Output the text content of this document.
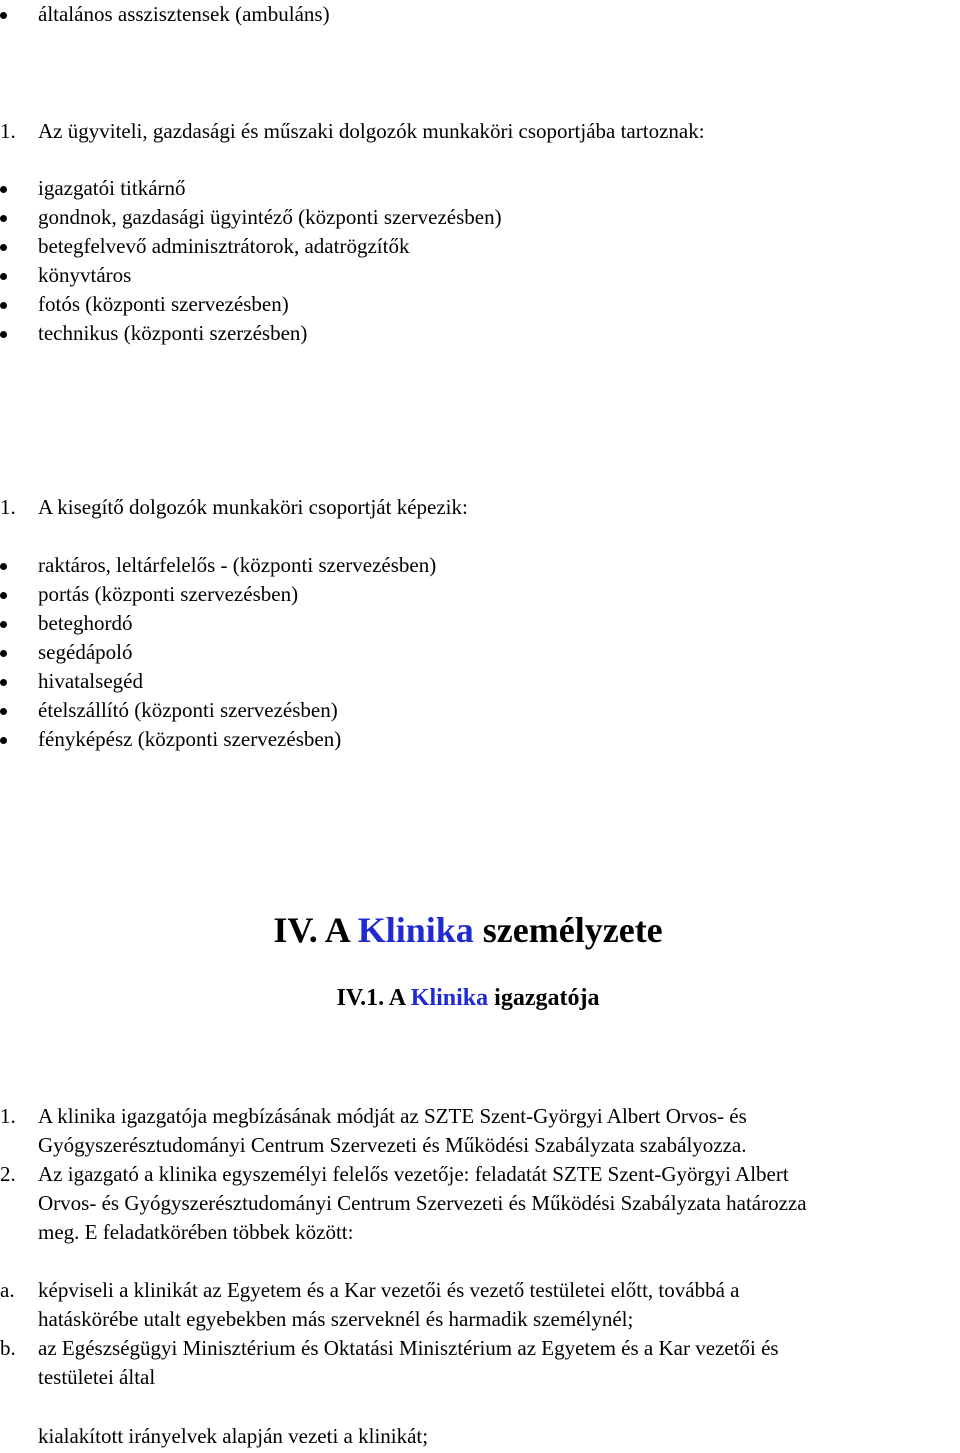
általános asszisztensek (ambuláns)
1. Az ügyviteli, gazdasági és műszaki dolgozók munkaköri csoportjába tartoznak:
igazgatói titkárnő
gondnok, gazdasági ügyintéző (központi szervezésben)
betegfelvevő adminisztrátorok, adatrögzítők
könyvtáros
fotós (központi szervezésben)
technikus (központi szerzésben)
1. A kisegítő dolgozók munkaköri csoportját képezik:
raktáros, leltárfelelős - (központi szervezésben)
portás (központi szervezésben)
beteghordó
segédápoló
hivatalsegéd
ételszállító (központi szervezésben)
fényképész (központi szervezésben)
IV. A Klinika személyzete
IV.1. A Klinika igazgatója
1. A klinika igazgatója megbízásának módját az SZTE Szent-Györgyi Albert Orvos- és
Gyógyszerésztudományi Centrum Szervezeti és Működési Szabályzata szabályozza.
2. Az igazgató a klinika egyszemélyi felelős vezetője: feladatát SZTE Szent-Györgyi Albert
Orvos- és Gyógyszerésztudományi Centrum Szervezeti és Működési Szabályzata határozza
meg. E feladatkörében többek között:
a. képviseli a klinikát az Egyetem és a Kar vezetői és vezető testületei előtt, továbbá a
hatáskörébe utalt egyebekben más szerveknél és harmadik személynél;
b. az Egészségügyi Minisztérium és Oktatási Minisztérium az Egyetem és a Kar vezetői és
testületei által
kialakított irányelvek alapján vezeti a klinikát;
